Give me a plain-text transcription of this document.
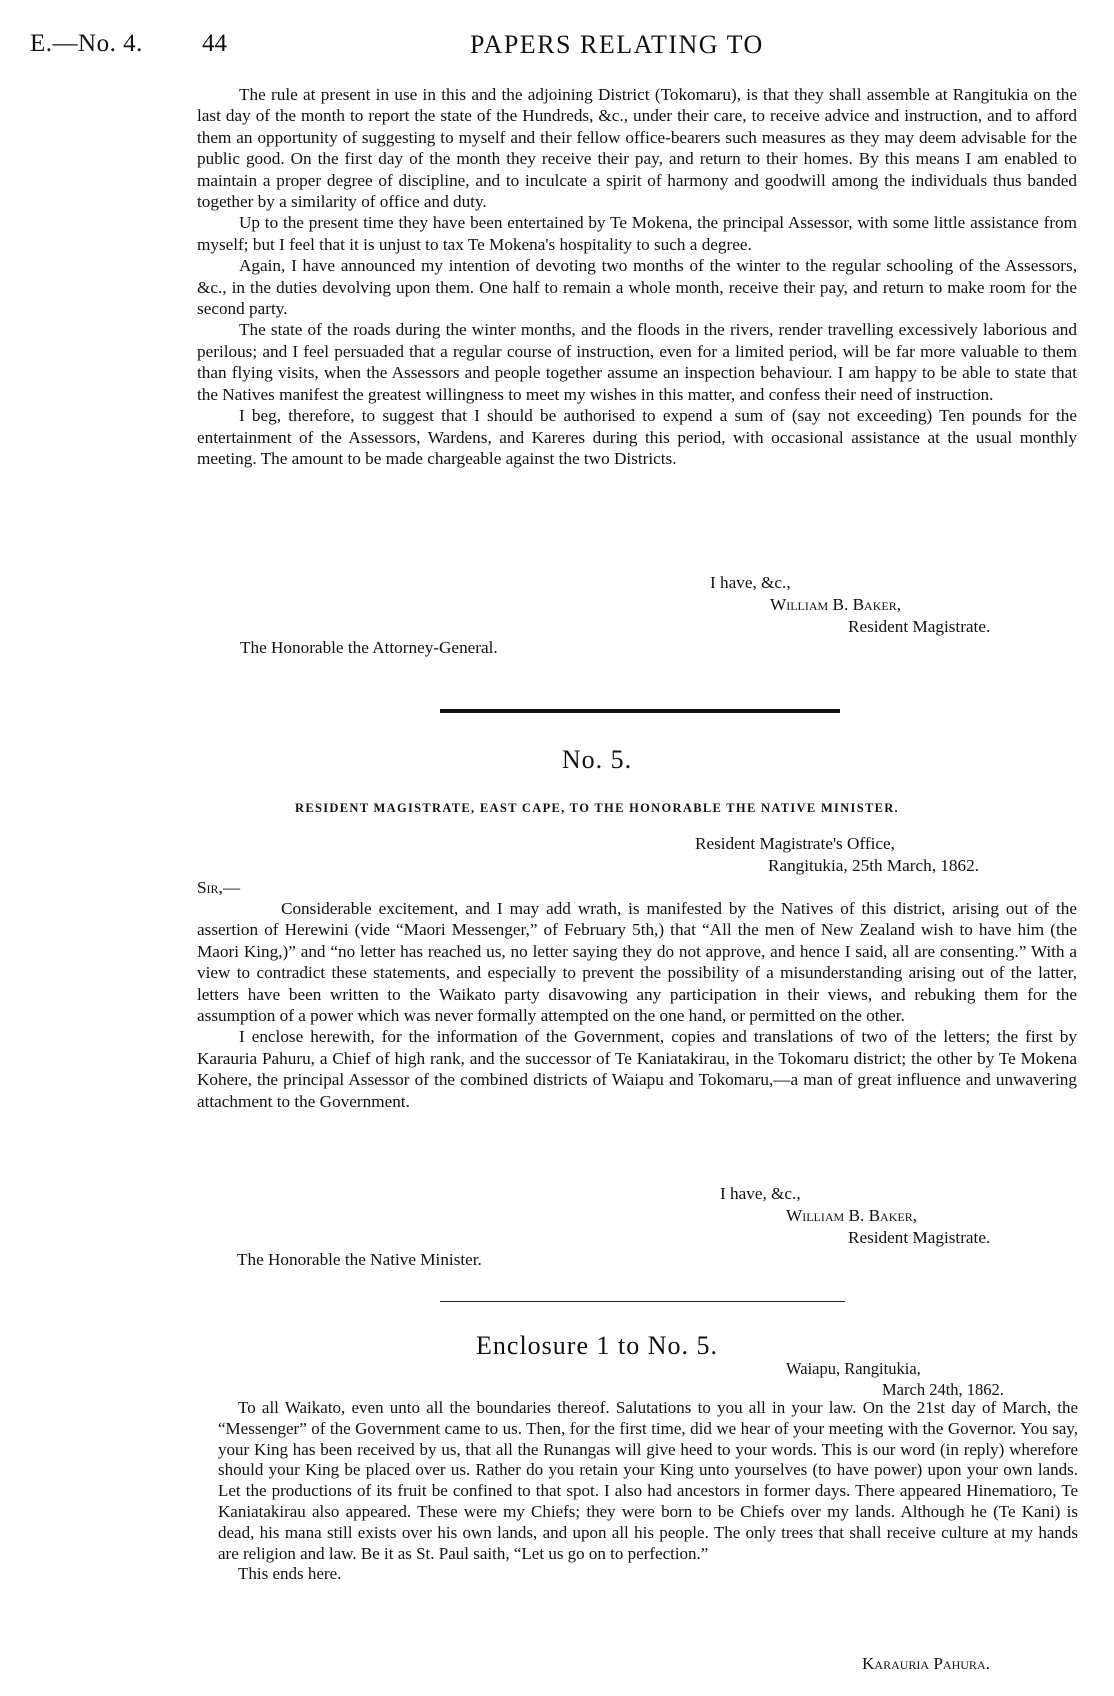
E.—No. 4. 44	PAPERS RELATING TO

The rule at present in use in this and the adjoining District (Tokomaru), is that they shall assemble at Rangitukia on the last day of the month to report the state of the Hundreds, &c., under their care, to receive advice and instruction, and to afford them an opportunity of suggesting to myself and their fellow office-bearers such measures as they may deem advisable for the public good. On the first day of the month they receive their pay, and return to their homes. By this means I am enabled to maintain a proper degree of discipline, and to inculcate a spirit of harmony and goodwill among the individuals thus banded together by a similarity of office and duty.

Up to the present time they have been entertained by Te Mokena, the principal Assessor, with some little assistance from myself; but I feel that it is unjust to tax Te Mokena's hospitality to such a degree.

Again, I have announced my intention of devoting two months of the winter to the regular schooling of the Assessors, &c., in the duties devolving upon them. One half to remain a whole month, receive their pay, and return to make room for the second party.

The state of the roads during the winter months, and the floods in the rivers, render travelling excessively laborious and perilous; and I feel persuaded that a regular course of instruction, even for a limited period, will be far more valuable to them than flying visits, when the Assessors and people together assume an inspection behaviour. I am happy to be able to state that the Natives manifest the greatest willingness to meet my wishes in this matter, and confess their need of instruction.

I beg, therefore, to suggest that I should be authorised to expend a sum of (say not exceeding) Ten pounds for the entertainment of the Assessors, Wardens, and Kareres during this period, with occasional assistance at the usual monthly meeting. The amount to be made chargeable against the two Districts.

I have, &c.,
William B. Baker,
Resident Magistrate.
The Honorable the Attorney-General.
No. 5.
RESIDENT MAGISTRATE, EAST CAPE, TO THE HONORABLE THE NATIVE MINISTER.
Resident Magistrate's Office,
Rangitukia, 25th March, 1862.
Sir,—

Considerable excitement, and I may add wrath, is manifested by the Natives of this district, arising out of the assertion of Herewini (vide “Maori Messenger,” of February 5th,) that “All the men of New Zealand wish to have him (the Maori King,)” and “no letter has reached us, no letter saying they do not approve, and hence I said, all are consenting.” With a view to contradict these statements, and especially to prevent the possibility of a misunderstanding arising out of the latter, letters have been written to the Waikato party disavowing any participation in their views, and rebuking them for the assumption of a power which was never formally attempted on the one hand, or permitted on the other.

I enclose herewith, for the information of the Government, copies and translations of two of the letters; the first by Karauria Pahuru, a Chief of high rank, and the successor of Te Kaniatakirau, in the Tokomaru district; the other by Te Mokena Kohere, the principal Assessor of the combined districts of Waiapu and Tokomaru,—a man of great influence and unwavering attachment to the Government.

I have, &c.,
William B. Baker,
Resident Magistrate.
The Honorable the Native Minister.
Enclosure 1 to No. 5.
Waiapu, Rangitukia,
March 24th, 1862.

To all Waikato, even unto all the boundaries thereof. Salutations to you all in your law. On the 21st day of March, the “Messenger” of the Government came to us. Then, for the first time, did we hear of your meeting with the Governor. You say, your King has been received by us, that all the Runangas will give heed to your words. This is our word (in reply) wherefore should your King be placed over us. Rather do you retain your King unto yourselves (to have power) upon your own lands. Let the productions of its fruit be confined to that spot. I also had ancestors in former days. There appeared Hinematioro, Te Kaniatakirau also appeared. These were my Chiefs; they were born to be Chiefs over my lands. Although he (Te Kani) is dead, his mana still exists over his own lands, and upon all his people. The only trees that shall receive culture at my hands are religion and law. Be it as St. Paul saith, “Let us go on to perfection.”

This ends here.

Karauria Pahura.
